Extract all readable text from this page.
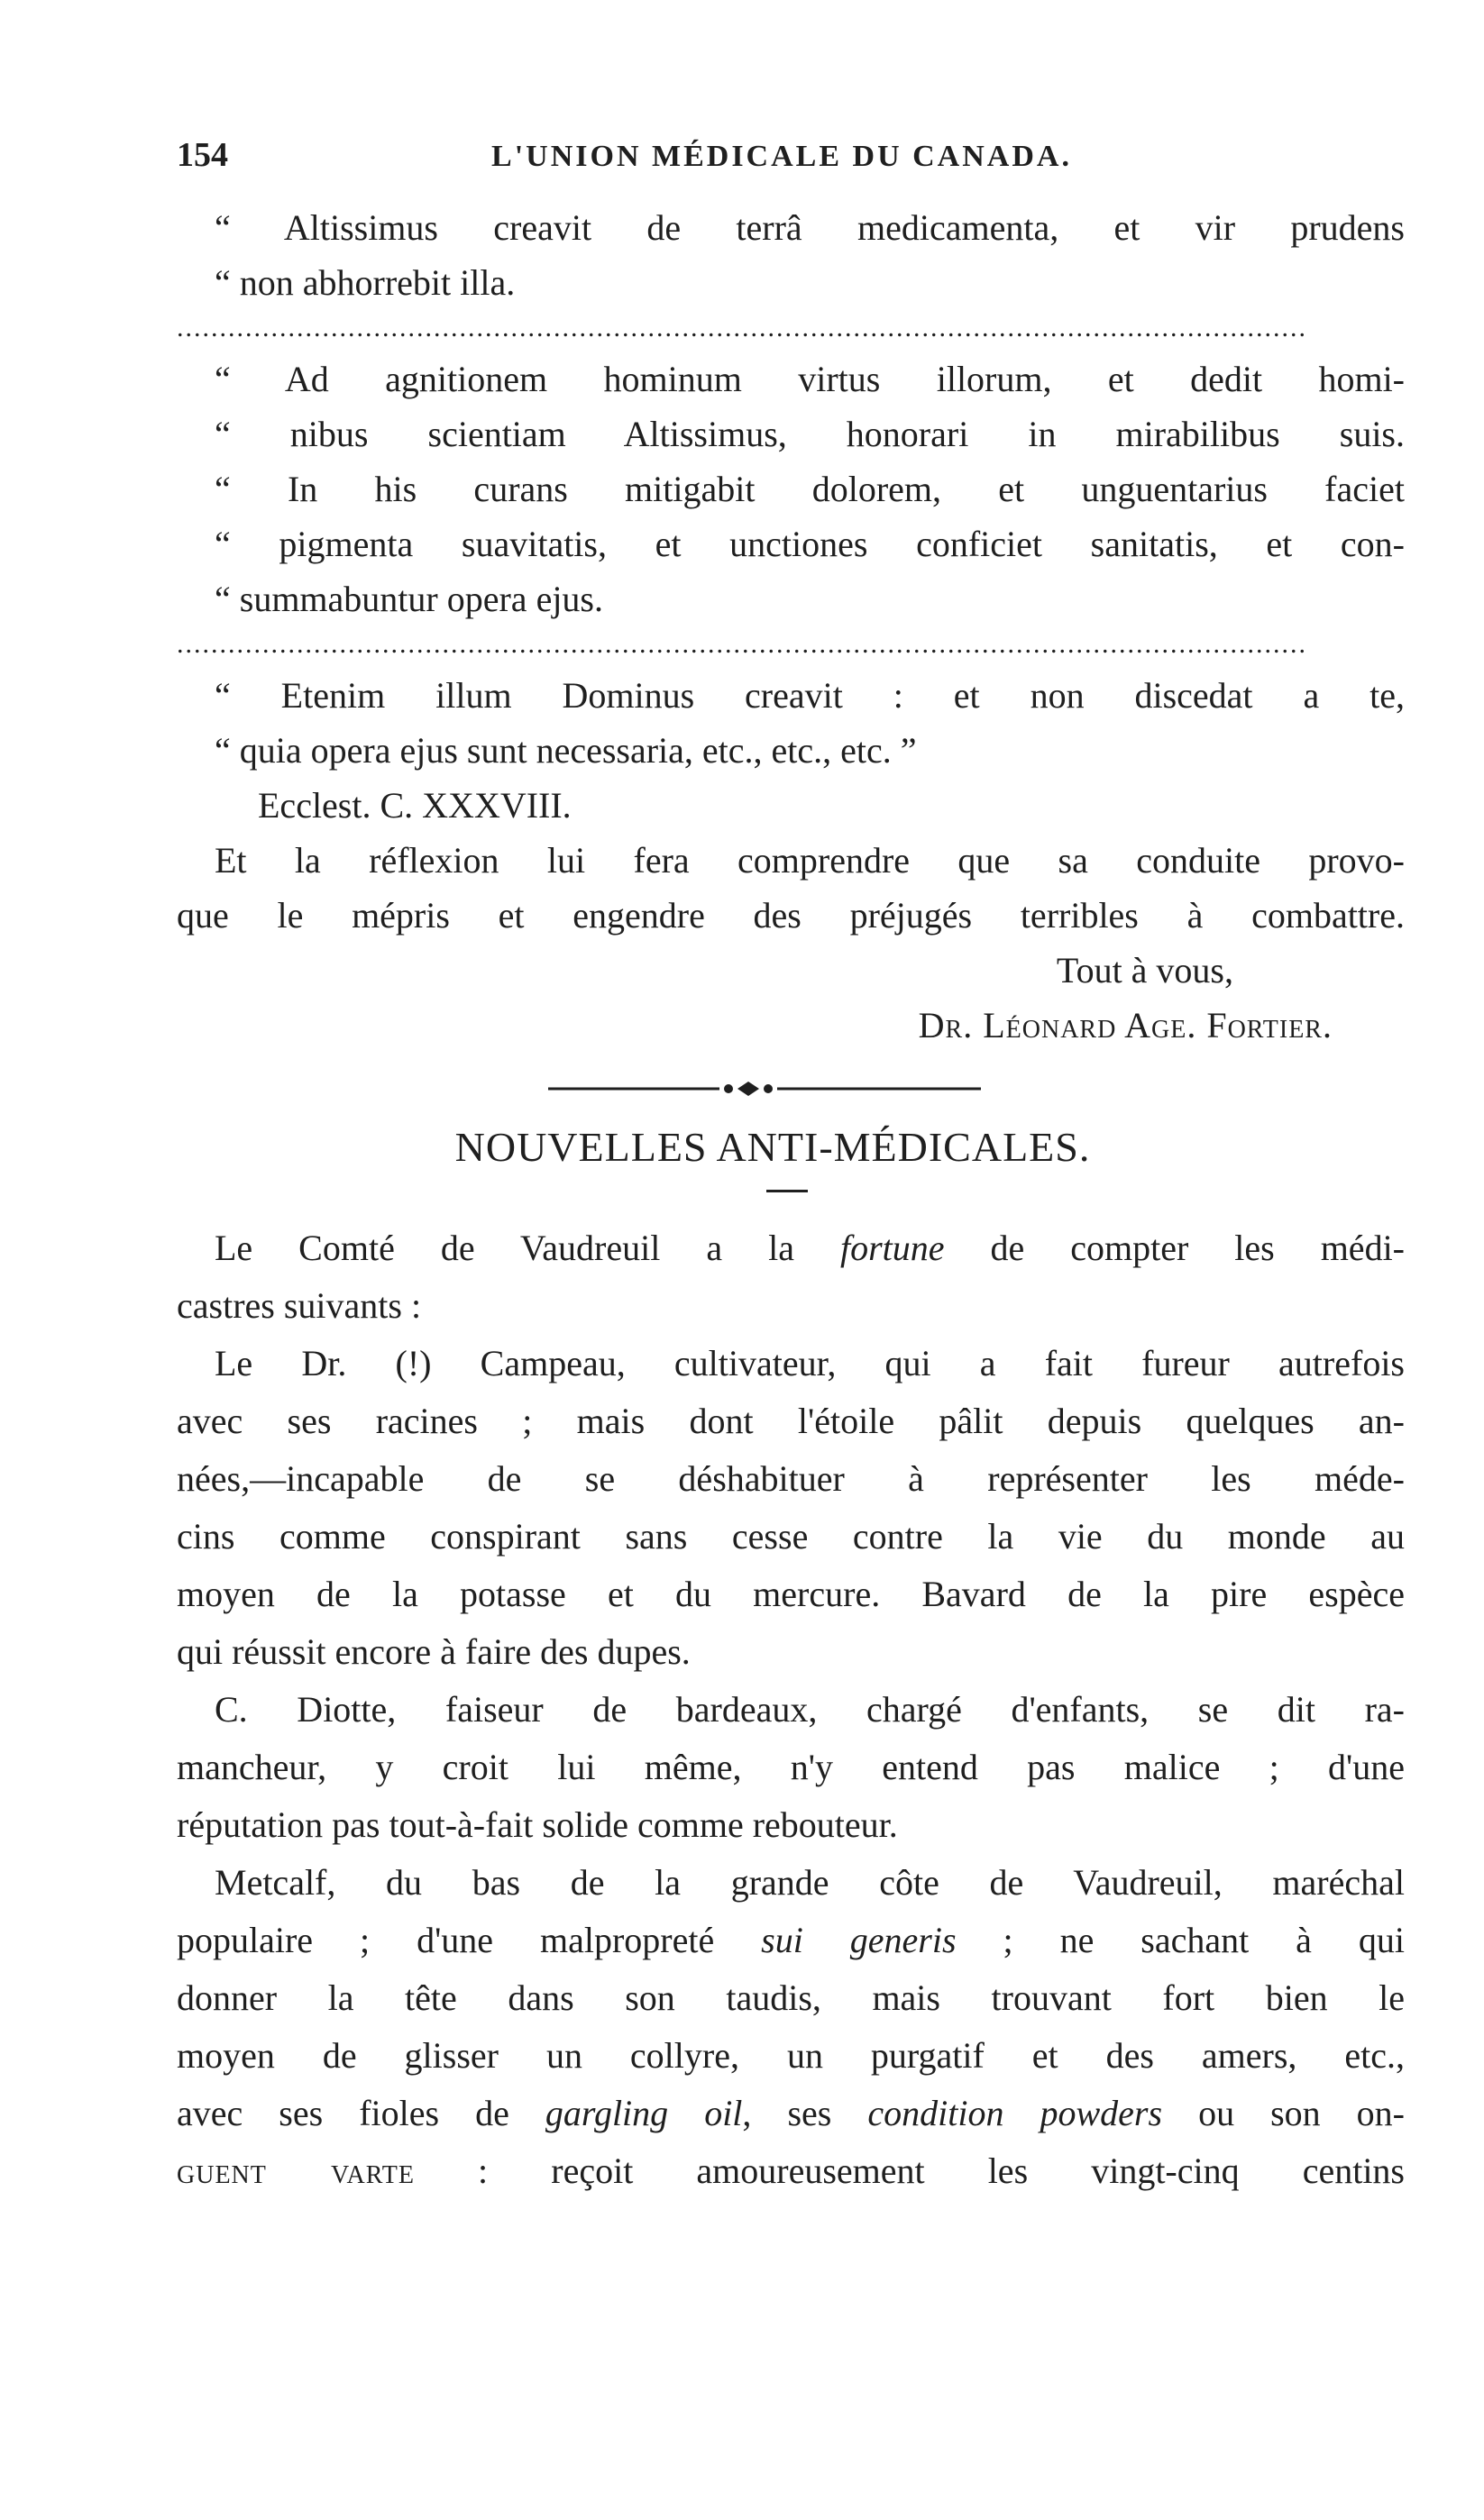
154	L'UNION MÉDICALE DU CANADA.
“ Altissimus creavit de terrâ medicamenta, et vir prudens
“ non abhorrebit illa.
....................................................................................................................................
“ Ad agnitionem hominum virtus illorum, et dedit homi-
“ nibus scientiam Altissimus, honorari in mirabilibus suis.
“ In his curans mitigabit dolorem, et unguentarius faciet
“ pigmenta suavitatis, et unctiones conficiet sanitatis, et con-
“ summabuntur opera ejus.
....................................................................................................................................
“ Etenim illum Dominus creavit : et non discedat a te,
“ quia opera ejus sunt necessaria, etc., etc., etc. ”
Ecclest. C. XXXVIII.
Et la réflexion lui fera comprendre que sa conduite provo-
que le mépris et engendre des préjugés terribles à combattre.
Tout à vous,
Dr. Léonard Age. Fortier.
NOUVELLES ANTI-MÉDICALES.
Le Comté de Vaudreuil a la fortune de compter les médi-
castres suivants :
Le Dr. (!) Campeau, cultivateur, qui a fait fureur autrefois
avec ses racines ; mais dont l'étoile pâlit depuis quelques an-
nées,—incapable de se déshabituer à représenter les méde-
cins comme conspirant sans cesse contre la vie du monde au
moyen de la potasse et du mercure. Bavard de la pire espèce
qui réussit encore à faire des dupes.
C. Diotte, faiseur de bardeaux, chargé d'enfants, se dit ra-
mancheur, y croit lui même, n'y entend pas malice ; d'une
réputation pas tout-à-fait solide comme rebouteur.
Metcalf, du bas de la grande côte de Vaudreuil, maréchal
populaire ; d'une malpropreté sui generis ; ne sachant à qui
donner la tête dans son taudis, mais trouvant fort bien le
moyen de glisser un collyre, un purgatif et des amers, etc.,
avec ses fioles de gargling oil, ses condition powders ou son on-
guent varte : reçoit amoureusement les vingt-cinq centins
